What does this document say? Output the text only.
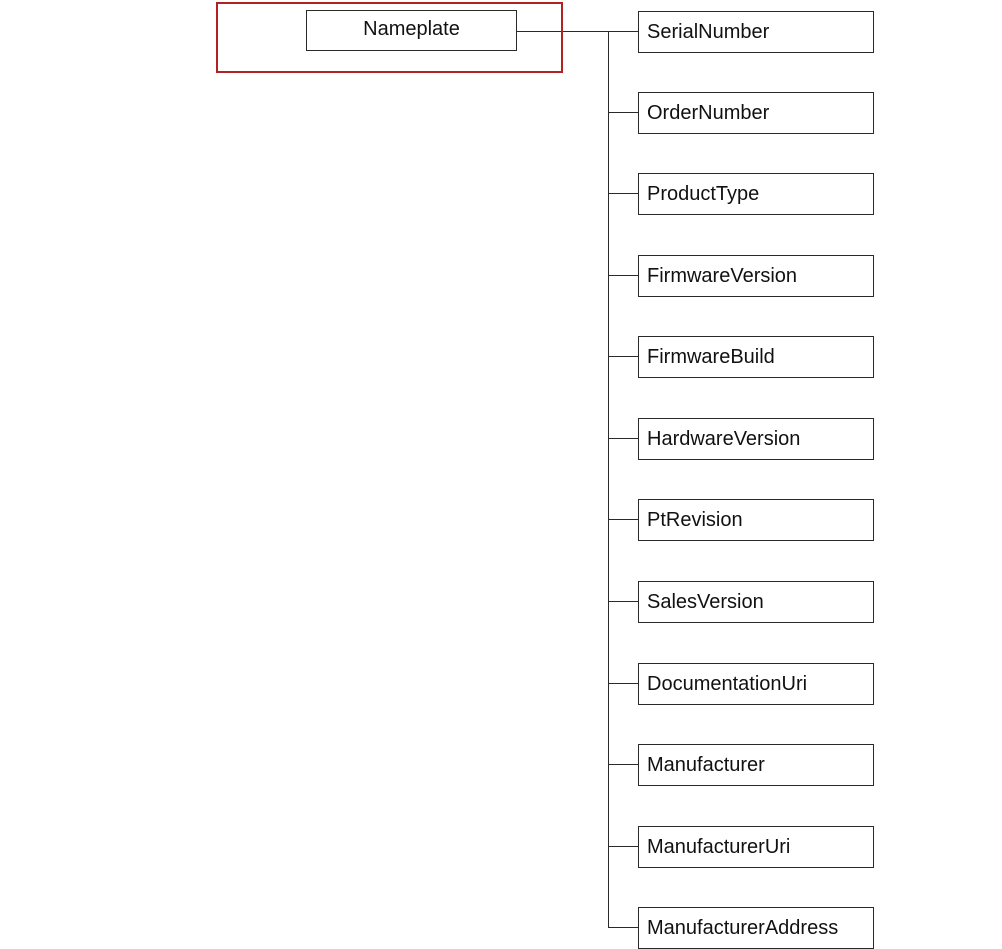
Nameplate	SerialNumber
OrderNumber
ProductType
FirmwareVersion
FirmwareBuild
HardwareVersion
PtRevision
SalesVersion
DocumentationUri
Manufacturer
ManufacturerUri
ManufacturerAddress
